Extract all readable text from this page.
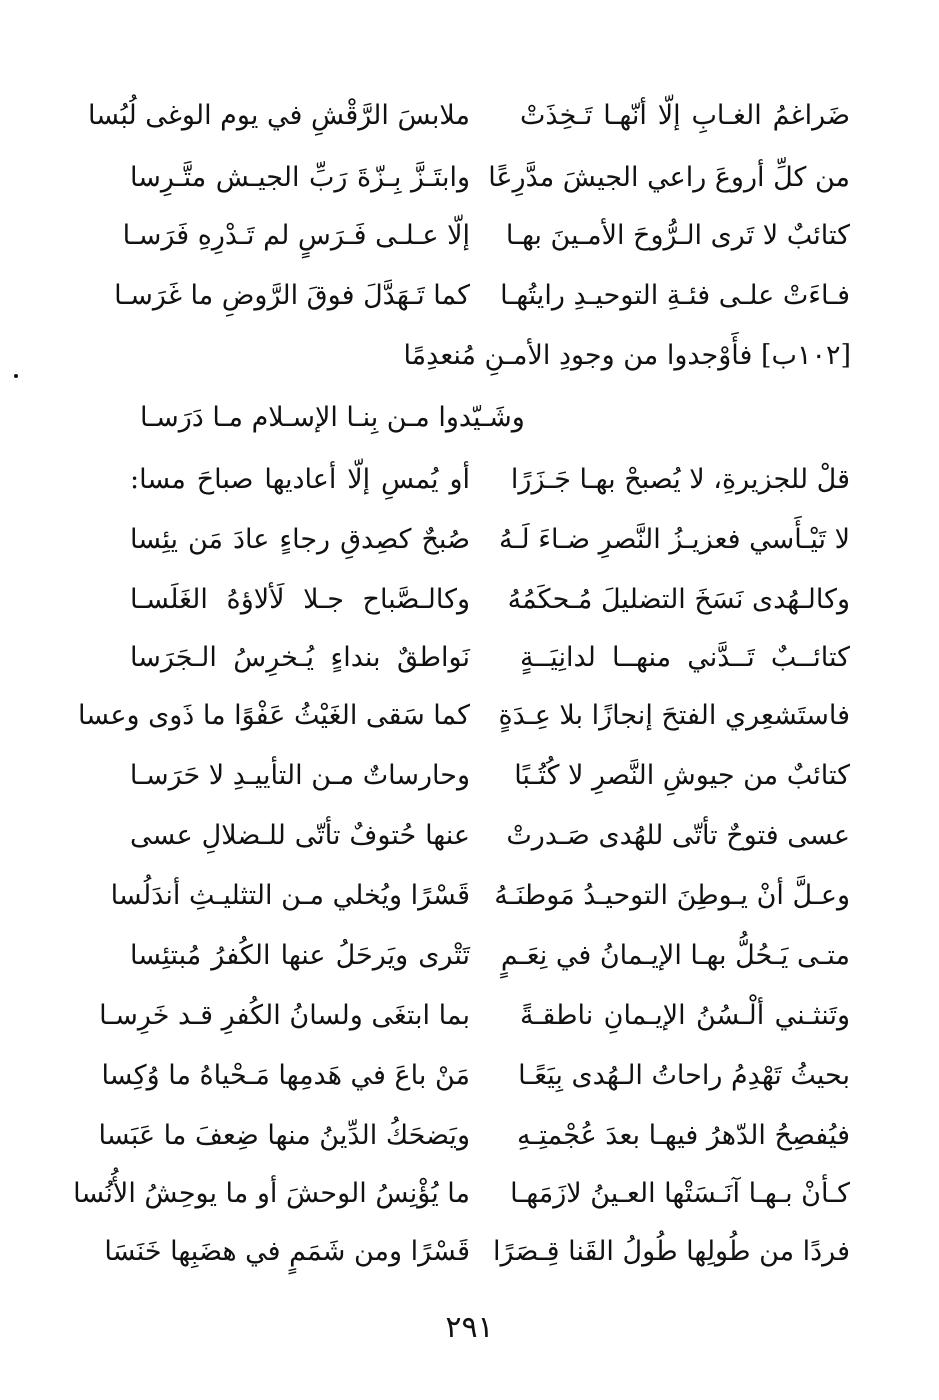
ضَراغمُ الغـابِ إلّا أنّهـا تَـخِذَتْ
ملابسَ الرَّقْشِ في يوم الوغى لُبُسا
من كلِّ أروعَ راعي الجيشَ مدَّرِعًا
وابتَـزَّ بِـزّةَ رَبِّ الجيـش متَّـرِسا
كتائبٌ لا تَرى الـرُّوحَ الأمـينَ بهـا
إلّا عـلـى فَـرَسٍ لم تَـدْرِهِ فَرَسـا
فـاءَتْ علـى فئـةِ التوحيـدِ رايتُهـا
كما تَـهَدَّلَ فوقَ الرَّوضِ ما غَرَسـا
[١٠٢ب] فأَوْجدوا من وجودِ الأمـنِ مُنعدِمًا
وشَـيّدوا مـن بِنـا الإسـلام مـا دَرَسـا
قلْ للجزيرةِ، لا يُصبحْ بهـا جَـزَرًا
أو يُمسِ إلّا أعاديها صباحَ مسا:
لا تَيْـأَسي فعزيـزُ النَّصرِ ضـاءَ لَـهُ
صُبحٌ كصِدقِ رجاءٍ عادَ مَن يئِسا
وكالـهُدى نَسَخَ التضليلَ مُـحكَمُهُ
وكالـصَّباح جـلا لَألاؤهُ الغَلَسـا
كتائــبٌ تَــدَّني منهــا لدانِيَــةٍ
نَواطقٌ بنداءٍ يُـخرِسُ الـجَرَسا
فاستَشعِري الفتحَ إنجازًا بلا عِـدَةٍ
كما سَقى الغَيْثُ عَفْوًا ما ذَوى وعسا
كتائبٌ من جيوشِ النَّصرِ لا كُتُـبًا
وحارساتٌ مـن التأييـدِ لا حَرَسـا
عسى فتوحٌ تأتّى للهُدى صَـدرتْ
عنها حُتوفٌ تأتّى للـضلالِ عسى
وعـلَّ أنْ يـوطِنَ التوحيـدُ مَوطنَـهُ
قَسْرًا ويُخلي مـن التثليـثِ أندَلُسا
متـى يَـحُلُّ بهـا الإيـمانُ في نِعَـمٍ
تَتْرى ويَرحَلُ عنها الكُفرُ مُبتئِسا
وتَنثـني ألْـسُنُ الإيـمانِ ناطقـةً
بما ابتغَى ولسانُ الكُفرِ قـد خَرِسـا
بحيثُ تَهْدِمُ راحاتُ الـهُدى بِيَعًـا
مَنْ باعَ في هَدمِها مَـحْياهُ ما وُكِسا
فيُفصِحُ الدّهرُ فيهـا بعدَ عُجْمتِـهِ
ويَضحَكُ الدِّينُ منها ضِعفَ ما عَبَسا
كـأنْ بـهـا آنَـسَتْها العـينُ لازَمَهـا
ما يُؤْنِسُ الوحشَ أو ما يوحِشُ الأُنُسا
فردًا من طُولِها طُولُ القَنا قِـصَرًا
قَسْرًا ومن شَمَمٍ في هضَبِها خَنَسَا
٢٩١
